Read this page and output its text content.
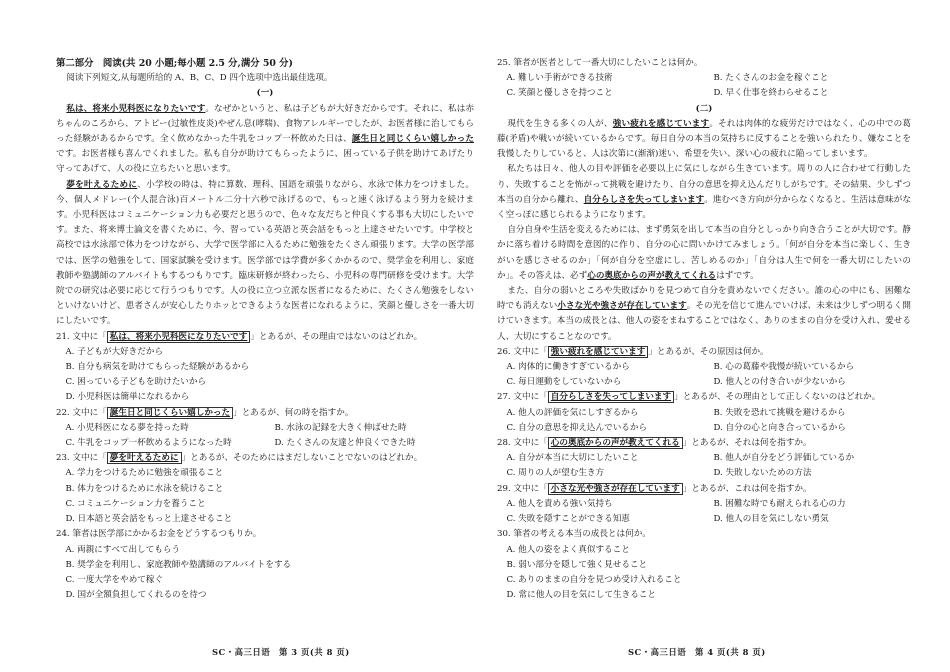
第二部分　阅读(共 20 小题;每小题 2.5 分,满分 50 分)

阅读下列短文,从每题所给的 A、B、C、D 四个选项中选出最佳选项。

(一)

私は、将来小児科医になりたいです。なぜかというと、私は子どもが大好きだからです。それに、私は赤ちゃんのころから、アトピー(过敏性皮炎)やぜん息(哮喘)、食物アレルギーでしたが、お医者様に治してもらった経験があるからです。全く飲めなかった牛乳をコップ一杯飲めた日は、誕生日と同じくらい嬉しかったです。お医者様も喜んでくれました。私も自分が助けてもらったように、困っている子供を助けてあげたり守ってあげて、人の役に立ちたいと思います。

夢を叶えるために、小学校の時は、特に算数、理科、国語を頑張りながら、水泳で体力をつけました。今、個人メドレー(个人混合泳)百メートル二分十六秒で泳げるので、もっと速く泳げるよう努力を続けます。小児科医はコミュニケーション力も必要だと思うので、色々な友だちと仲良くする事も大切にしたいです。また、将来博士論文を書くために、今、習っている英語と英会話をもっと上達させたいです。中学校と高校では水泳部で体力をつけながら、大学で医学部に入るために勉強をたくさん頑張ります。大学の医学部では、医学の勉強をして、国家試験を受けます。医学部では学費が多くかかるので、奨学金を利用し、家庭教師や塾講師のアルバイトもするつもりです。臨床研修が終わったら、小児科の専門研修を受けます。大学院での研究は必要に応じて行うつもりです。人の役に立つ立派な医者になるために、たくさん勉強をしないといけないけど、患者さんが安心したりホッとできるような医者になれるように、笑顔と優しさを一番大切にしたいです。

21. 文中に「 私は、将来小児科医になりたいです 」とあるが、その理由ではないのはどれか。

A. 子どもが大好きだから

B. 自分も病気を助けてもらった経験があるから

C. 困っている子どもを助けたいから

D. 小児科医は簡単になれるから

22. 文中に「 誕生日と同じくらい嬉しかった 」とあるが、何の時を指すか。

A. 小児科医になる夢を持った時	B. 水泳の記録を大きく伸ばせた時
C. 牛乳をコップ一杯飲めるようになった時	D. たくさんの友達と仲良くできた時

23. 文中に「 夢を叶えるために 」とあるが、そのためにはまだしないことでないのはどれか。

A. 学力をつけるために勉強を頑張ること

B. 体力をつけるために水泳を続けること

C. コミュニケーション力を養うこと

D. 日本語と英会話をもっと上達させること

24. 筆者は医学部にかかるお金をどうするつもりか。

A. 両親にすべて出してもらう

B. 奨学金を利用し、家庭教師や塾講師のアルバイトをする

C. 一度大学をやめて稼ぐ

D. 国が全額負担してくれるのを待つ

25. 筆者が医者として一番大切にしたいことは何か。

A. 難しい手術ができる技術	B. たくさんのお金を稼ぐこと
C. 笑顔と優しさを持つこと	D. 早く仕事を終わらせること

(二)

現代を生きる多くの人が、強い疲れを感じています。それは肉体的な疲労だけではなく、心の中での葛藤(矛盾)や戦いが続いているからです。毎日自分の本当の気持ちに反することを強いられたり、嫌なことを我慢したりしていると、人は次第に(渐渐)迷い、希望を失い、深い心の疲れに陥ってしまいます。

私たちは日々、他人の目や評価を必要以上に気にしながら生きています。周りの人に合わせて行動したり、失敗することを怖がって挑戦を避けたり、自分の意思を抑え込んだりしがちです。その結果、少しずつ本当の自分から離れ、自分らしさを失ってしまいます。進むべき方向が分からなくなると、生活は意味がなく空っぽに感じられるようになります。

自分自身や生活を変えるためには、まず勇気を出して本当の自分としっかり向き合うことが大切です。静かに落ち着ける時間を意図的に作り、自分の心に問いかけてみましょう。「何が自分を本当に楽しく、生きがいを感じさせるのか」「何が自分を空虚にし、苦しめるのか」「自分は人生で何を一番大切にしたいのか」。その答えは、必ず心の奥底からの声が教えてくれるはずです。

また、自分の弱いところや失敗ばかりを見つめて自分を責めないでください。誰の心の中にも、困難な時でも消えない小さな光や強さが存在しています。その光を信じて進んでいけば、未来は少しずつ明るく開けていきます。本当の成長とは、他人の姿をまねすることではなく、ありのままの自分を受け入れ、愛せる人、大切にすることなのです。

26. 文中に「 強い疲れを感じています 」とあるが、その原因は何か。

A. 肉体的に働きすぎているから	B. 心の葛藤や我慢が続いているから
C. 毎日運動をしていないから	D. 他人との付き合いが少ないから

27. 文中に「 自分らしさを失ってしまいます 」とあるが、その理由として正しくないのはどれか。

A. 他人の評価を気にしすぎるから	B. 失敗を恐れて挑戦を避けるから
C. 自分の意思を抑え込んでいるから	D. 自分の心と向き合っているから

28. 文中に「 心の奥底からの声が教えてくれる 」とあるが、それは何を指すか。

A. 自分が本当に大切にしたいこと	B. 他人が自分をどう評価しているか
C. 周りの人が望む生き方	D. 失敗しないための方法

29. 文中に「 小さな光や強さが存在しています 」とあるが、これは何を指すか。

A. 他人を責める強い気持ち	B. 困難な時でも耐えられる心の力
C. 失敗を隠すことができる知恵	D. 他人の目を気にしない勇気

30. 筆者の考える本当の成長とは何か。

A. 他人の姿をよく真似すること

B. 弱い部分を隠して強く見せること

C. ありのままの自分を見つめ受け入れること

D. 常に他人の目を気にして生きること

SC・高三日语　第 3 页(共 8 页)	SC・高三日语　第 4 页(共 8 页)
